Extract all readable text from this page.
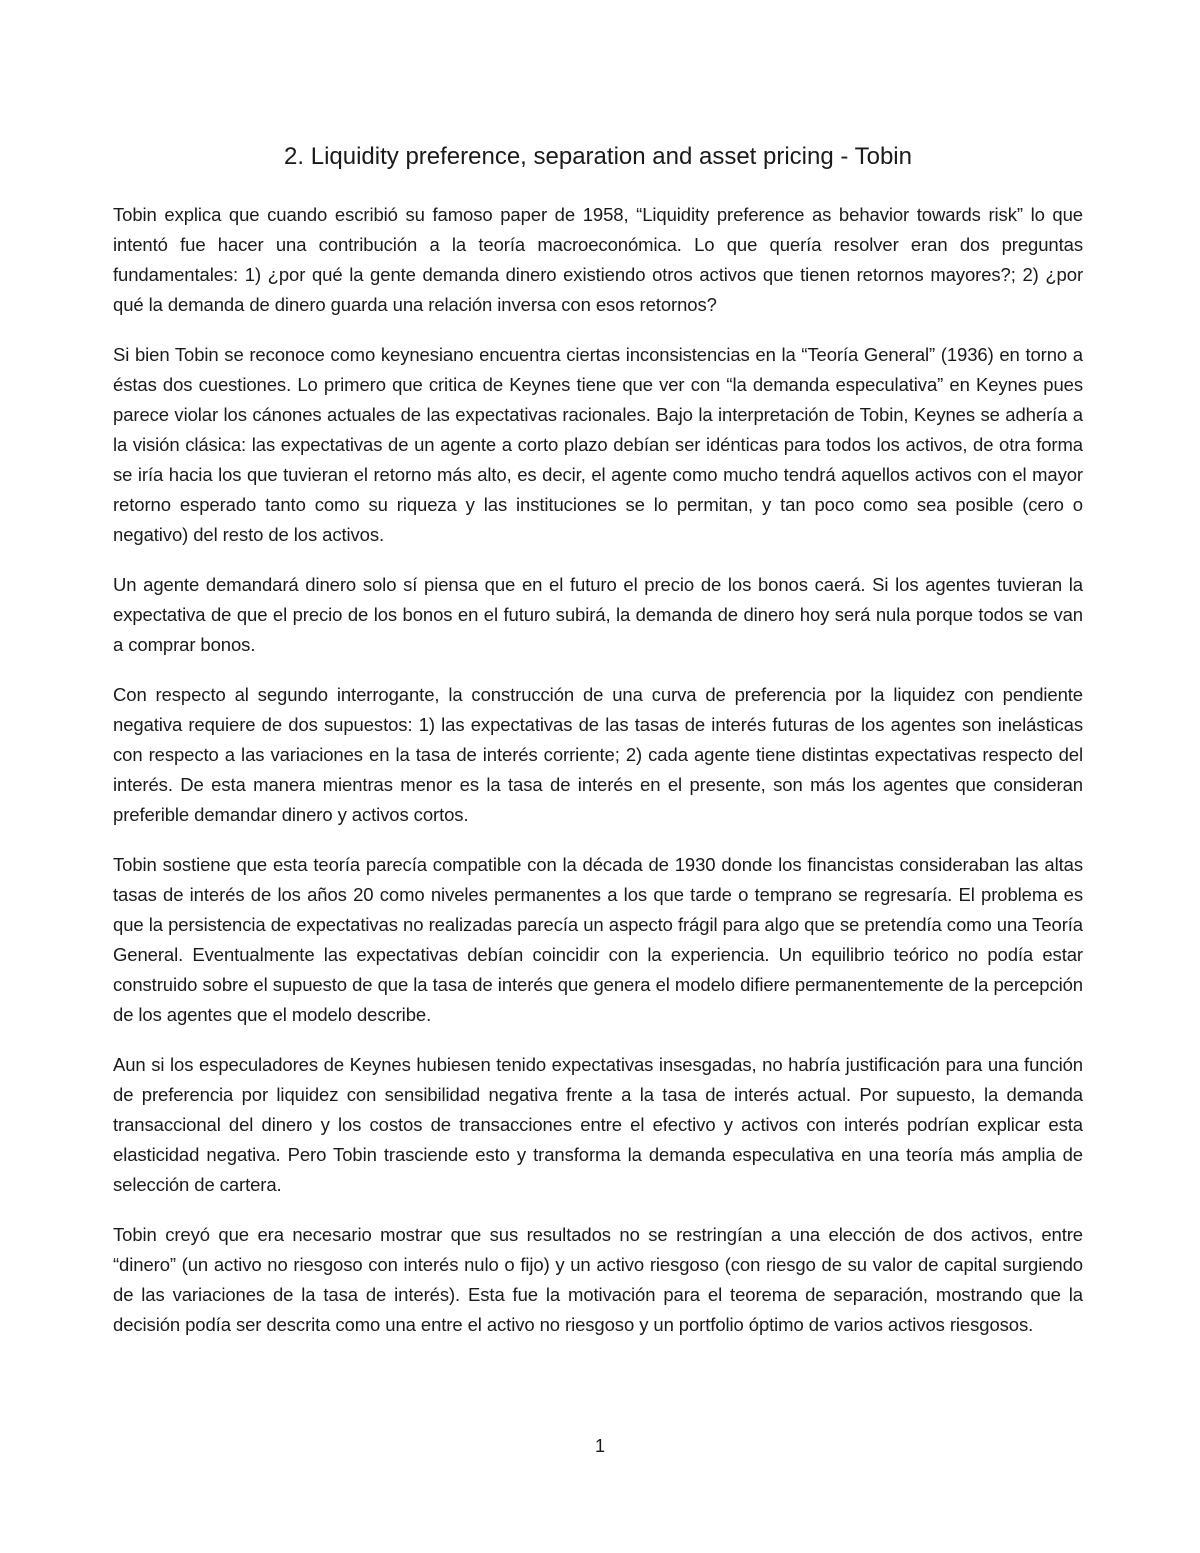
2. Liquidity preference, separation and asset pricing - Tobin

Tobin explica que cuando escribió su famoso paper de 1958, “Liquidity preference as behavior towards risk” lo que intentó fue hacer una contribución a la teoría macroeconómica. Lo que quería resolver eran dos preguntas fundamentales: 1) ¿por qué la gente demanda dinero existiendo otros activos que tienen retornos mayores?; 2) ¿por qué la demanda de dinero guarda una relación inversa con esos retornos?

Si bien Tobin se reconoce como keynesiano encuentra ciertas inconsistencias en la “Teoría General” (1936) en torno a éstas dos cuestiones. Lo primero que critica de Keynes tiene que ver con “la demanda especulativa” en Keynes pues parece violar los cánones actuales de las expectativas racionales. Bajo la interpretación de Tobin, Keynes se adhería a la visión clásica: las expectativas de un agente a corto plazo debían ser idénticas para todos los activos, de otra forma se iría hacia los que tuvieran el retorno más alto, es decir, el agente como mucho tendrá aquellos activos con el mayor retorno esperado tanto como su riqueza y las instituciones se lo permitan, y tan poco como sea posible (cero o negativo) del resto de los activos.

Un agente demandará dinero solo sí piensa que en el futuro el precio de los bonos caerá. Si los agentes tuvieran la expectativa de que el precio de los bonos en el futuro subirá, la demanda de dinero hoy será nula porque todos se van a comprar bonos.

Con respecto al segundo interrogante, la construcción de una curva de preferencia por la liquidez con pendiente negativa requiere de dos supuestos: 1) las expectativas de las tasas de interés futuras de los agentes son inelásticas con respecto a las variaciones en la tasa de interés corriente; 2) cada agente tiene distintas expectativas respecto del interés. De esta manera mientras menor es la tasa de interés en el presente, son más los agentes que consideran preferible demandar dinero y activos cortos.

Tobin sostiene que esta teoría parecía compatible con la década de 1930 donde los financistas consideraban las altas tasas de interés de los años 20 como niveles permanentes a los que tarde o temprano se regresaría. El problema es que la persistencia de expectativas no realizadas parecía un aspecto frágil para algo que se pretendía como una Teoría General. Eventualmente las expectativas debían coincidir con la experiencia. Un equilibrio teórico no podía estar construido sobre el supuesto de que la tasa de interés que genera el modelo difiere permanentemente de la percepción de los agentes que el modelo describe.

Aun si los especuladores de Keynes hubiesen tenido expectativas insesgadas, no habría justificación para una función de preferencia por liquidez con sensibilidad negativa frente a la tasa de interés actual. Por supuesto, la demanda transaccional del dinero y los costos de transacciones entre el efectivo y activos con interés podrían explicar esta elasticidad negativa. Pero Tobin trasciende esto y transforma la demanda especulativa en una teoría más amplia de selección de cartera.

Tobin creyó que era necesario mostrar que sus resultados no se restringían a una elección de dos activos, entre “dinero” (un activo no riesgoso con interés nulo o fijo) y un activo riesgoso (con riesgo de su valor de capital surgiendo de las variaciones de la tasa de interés). Esta fue la motivación para el teorema de separación, mostrando que la decisión podía ser descrita como una entre el activo no riesgoso y un portfolio óptimo de varios activos riesgosos.

1
